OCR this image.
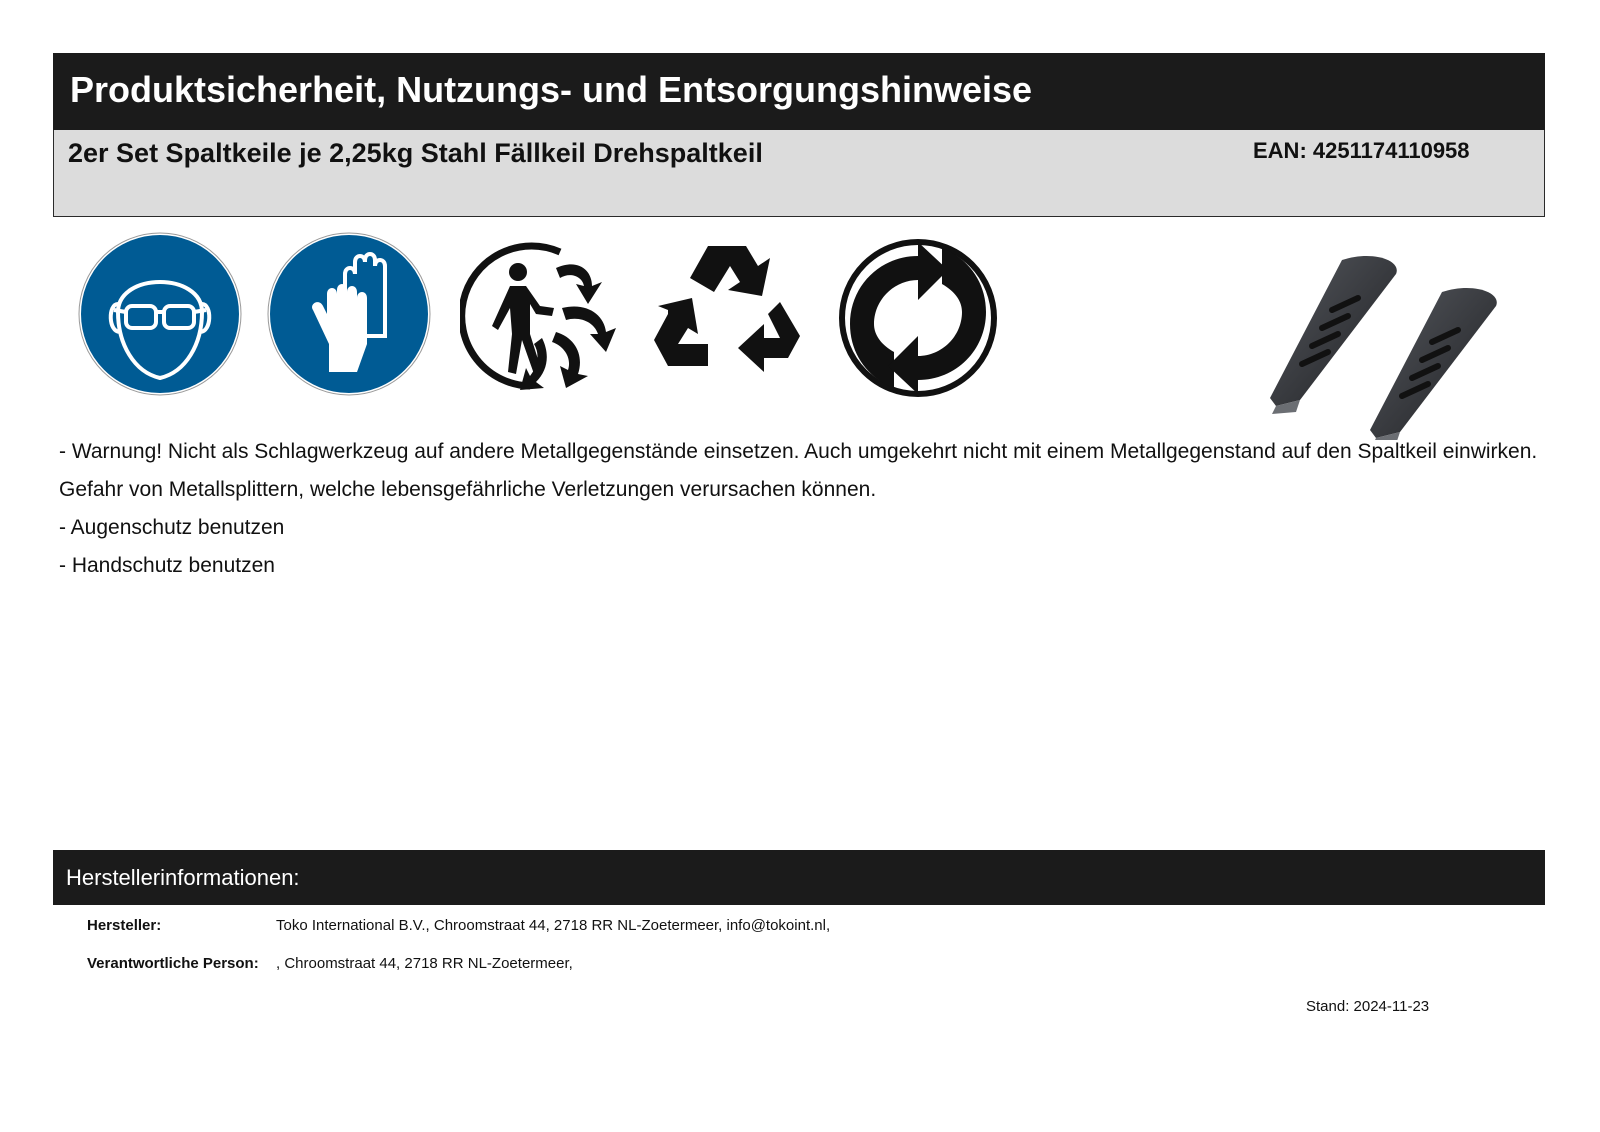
Produktsicherheit, Nutzungs- und Entsorgungshinweise
2er Set Spaltkeile je 2,25kg Stahl Fällkeil Drehspaltkeil	EAN: 4251174110958

- Warnung! Nicht als Schlagwerkzeug auf andere Metallgegenstände einsetzen. Auch umgekehrt nicht mit einem Metallgegenstand auf den Spaltkeil einwirken. Gefahr von Metallsplittern, welche lebensgefährliche Verletzungen verursachen können.

- Augenschutz benutzen

- Handschutz benutzen

Herstellerinformationen:
Hersteller:	Toko International B.V., Chroomstraat 44, 2718 RR NL-Zoetermeer, info@tokoint.nl,
Verantwortliche Person: , Chroomstraat 44, 2718 RR NL-Zoetermeer,
Stand: 2024-11-23
